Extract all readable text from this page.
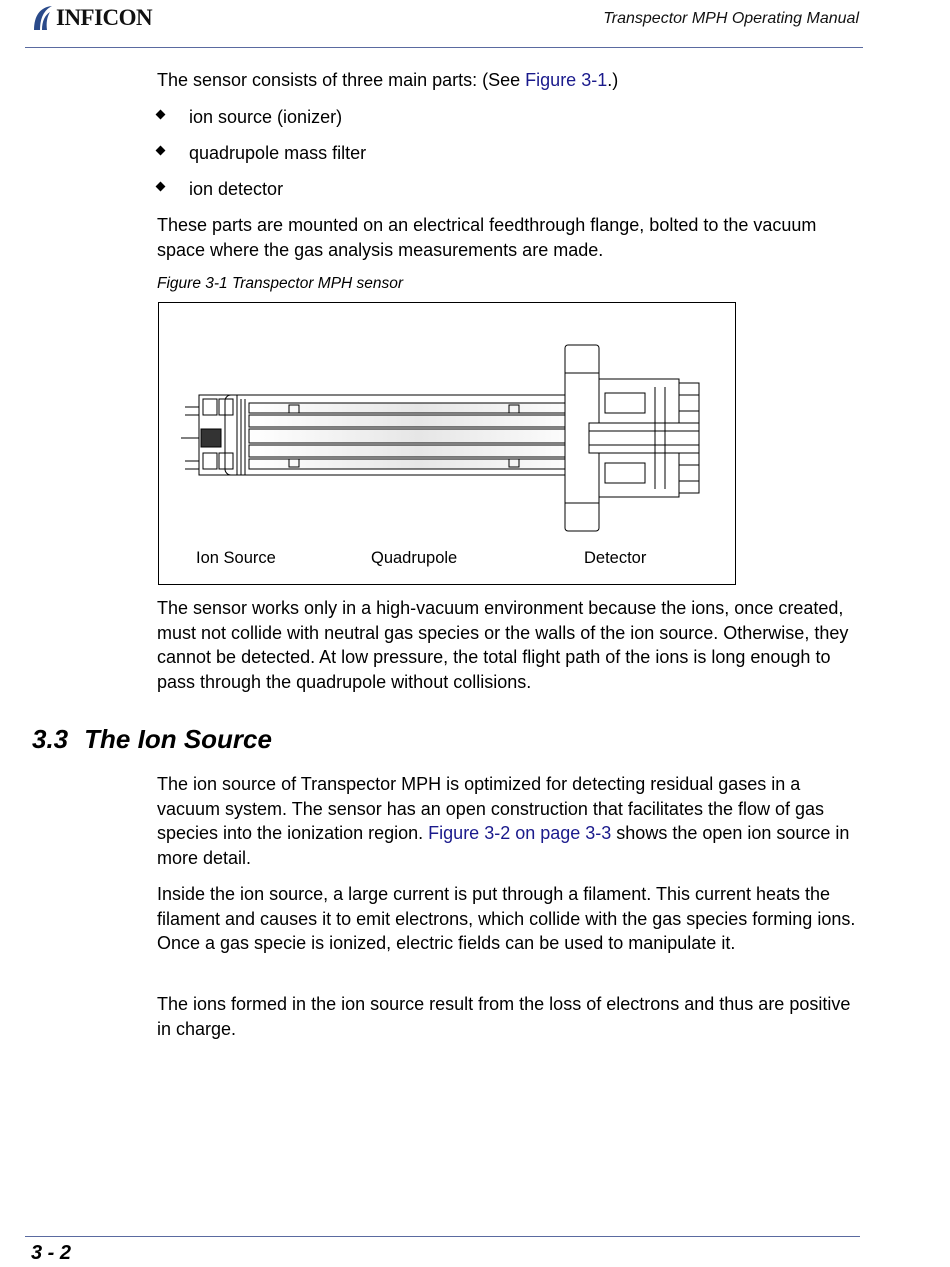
INFICON	Transpector MPH Operating Manual

The sensor consists of three main parts: (See Figure 3-1.)

ion source (ionizer)
quadrupole mass filter
ion detector

These parts are mounted on an electrical feedthrough flange, bolted to the vacuum space where the gas analysis measurements are made.

Figure 3-1 Transpector MPH sensor
Ion Source	Quadrupole	Detector

The sensor works only in a high-vacuum environment because the ions, once created, must not collide with neutral gas species or the walls of the ion source. Otherwise, they cannot be detected. At low pressure, the total flight path of the ions is long enough to pass through the quadrupole without collisions.

3.3 The Ion Source

The ion source of Transpector MPH is optimized for detecting residual gases in a vacuum system. The sensor has an open construction that facilitates the flow of gas species into the ionization region. Figure 3-2 on page 3-3 shows the open ion source in more detail.

Inside the ion source, a large current is put through a filament. This current heats the filament and causes it to emit electrons, which collide with the gas species forming ions. Once a gas specie is ionized, electric fields can be used to manipulate it.

The ions formed in the ion source result from the loss of electrons and thus are positive in charge.

3 - 2
